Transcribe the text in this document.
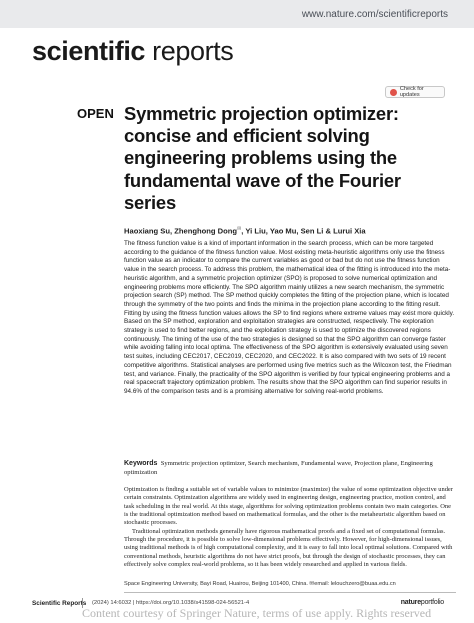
www.nature.com/scientificreports
scientific reports
Check for updates
OPEN Symmetric projection optimizer: concise and efficient solving engineering problems using the fundamental wave of the Fourier series
Haoxiang Su, Zhenghong Dong✉, Yi Liu, Yao Mu, Sen Li & Lurui Xia

The fitness function value is a kind of important information in the search process, which can be more targeted according to the guidance of the fitness function value. Most existing meta-heuristic algorithms only use the fitness function value as an indicator to compare the current variables as good or bad but do not use the fitness function value in the search process. To address this problem, the mathematical idea of the fitting is introduced into the meta-heuristic algorithm, and a symmetric projection optimizer (SPO) is proposed to solve numerical optimization and engineering problems more efficiently. The SPO algorithm mainly utilizes a new search mechanism, the symmetric projection search (SP) method. The SP method quickly completes the fitting of the projection plane, which is located through the symmetry of the two points and finds the minima in the projection plane according to the fitting result. Fitting by using the fitness function values allows the SP to find regions where extreme values may exist more quickly. Based on the SP method, exploration and exploitation strategies are constructed, respectively. The exploration strategy is used to find better regions, and the exploitation strategy is used to optimize the discovered regions continuously. The timing of the use of the two strategies is designed so that the SPO algorithm can converge faster while avoiding falling into local optima. The effectiveness of the SPO algorithm is extensively evaluated using seven test suites, including CEC2017, CEC2019, CEC2020, and CEC2022. It is also compared with two sets of 19 recent competitive algorithms. Statistical analyses are performed using five metrics such as the Wilcoxon test, the Friedman test, and variance. Finally, the practicality of the SPO algorithm is verified by four typical engineering problems and a real spacecraft trajectory optimization problem. The results show that the SPO algorithm can find superior results in 94.6% of the comparison tests and is a promising alternative for solving real-world problems.

Keywords Symmetric projection optimizer, Search mechanism, Fundamental wave, Projection plane, Engineering optimization

Optimization is finding a suitable set of variable values to minimize (maximize) the value of some optimization objective under certain constraints. Optimization algorithms are widely used in engineering design, engineering practice, motion control, and task scheduling in the real world. At this stage, algorithms for solving optimization problems contain two main categories. One is the traditional optimization method based on mathematical formulas, and the other is the metaheuristic algorithm based on stochastic processes.

Traditional optimization methods generally have rigorous mathematical proofs and a fixed set of computational formulas. Through the procedure, it is possible to solve low-dimensional problems effectively. However, for high-dimensional issues, using traditional methods is of high computational complexity, and it is easy to fall into local optimal solutions. Compared with conventional methods, heuristic algorithms do not have strict proofs, but through the design of stochastic processes, they can effectively solve complex real-world problems, so it has been widely researched and applied in various fields.

Space Engineering University, Bayi Road, Huairou, Beijing 101400, China. ✉email: lelouchzero@buaa.edu.cn

Scientific Reports (2024) 14:6032 | https://doi.org/10.1038/s41598-024-56521-4	natureportfolio
Content courtesy of Springer Nature, terms of use apply. Rights reserved
